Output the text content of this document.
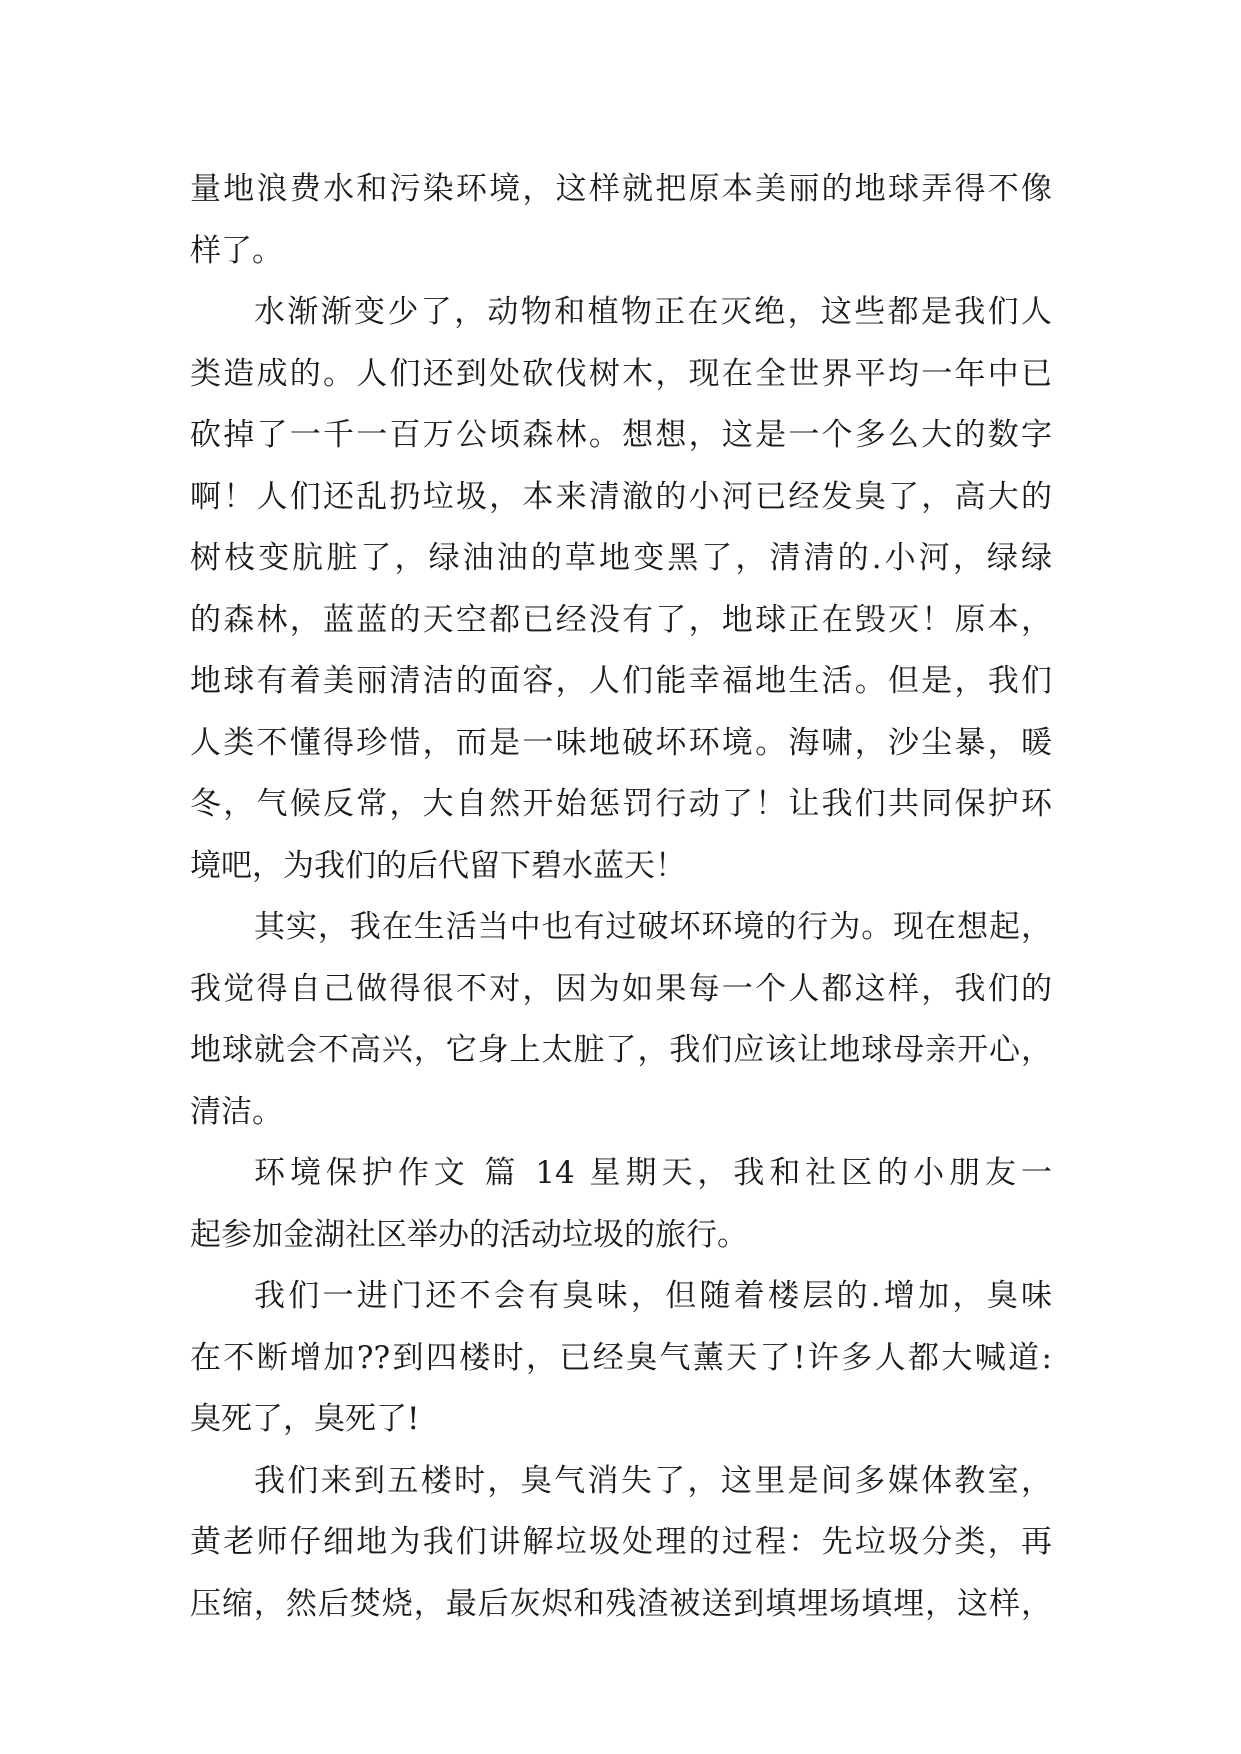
量地浪费水和污染环境，这样就把原本美丽的地球弄得不像
样了。
水渐渐变少了，动物和植物正在灭绝，这些都是我们人
类造成的。人们还到处砍伐树木，现在全世界平均一年中已
砍掉了一千一百万公顷森林。想想，这是一个多么大的数字
啊！人们还乱扔垃圾，本来清澈的小河已经发臭了，高大的
树枝变肮脏了，绿油油的草地变黑了，清清的.小河，绿绿
的森林，蓝蓝的天空都已经没有了，地球正在毁灭！原本，
地球有着美丽清洁的面容，人们能幸福地生活。但是，我们
人类不懂得珍惜，而是一味地破坏环境。海啸，沙尘暴，暖
冬，气候反常，大自然开始惩罚行动了！让我们共同保护环
境吧，为我们的后代留下碧水蓝天！
其实，我在生活当中也有过破坏环境的行为。现在想起，
我觉得自己做得很不对，因为如果每一个人都这样，我们的
地球就会不高兴，它身上太脏了，我们应该让地球母亲开心，
清洁。
环境保护作文 篇 14 星期天，我和社区的小朋友一
起参加金湖社区举办的活动垃圾的旅行。
我们一进门还不会有臭味，但随着楼层的.增加，臭味
在不断增加??到四楼时，已经臭气薰天了!许多人都大喊道:
臭死了，臭死了!
我们来到五楼时，臭气消失了，这里是间多媒体教室，
黄老师仔细地为我们讲解垃圾处理的过程：先垃圾分类，再
压缩，然后焚烧，最后灰烬和残渣被送到填埋场填埋，这样，
